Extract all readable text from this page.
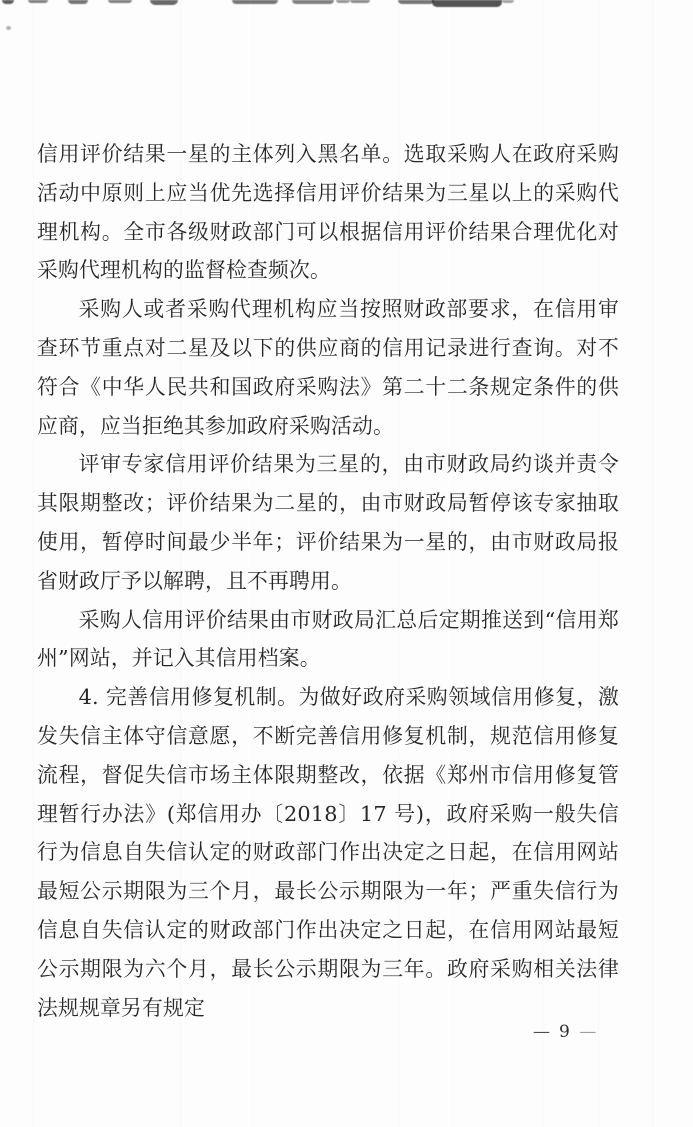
信用评价结果一星的主体列入黑名单。选取采购人在政府采购活动中原则上应当优先选择信用评价结果为三星以上的采购代理机构。全市各级财政部门可以根据信用评价结果合理优化对采购代理机构的监督检查频次。

采购人或者采购代理机构应当按照财政部要求，在信用审查环节重点对二星及以下的供应商的信用记录进行查询。对不符合《中华人民共和国政府采购法》第二十二条规定条件的供应商，应当拒绝其参加政府采购活动。

评审专家信用评价结果为三星的，由市财政局约谈并责令其限期整改；评价结果为二星的，由市财政局暂停该专家抽取使用，暂停时间最少半年；评价结果为一星的，由市财政局报省财政厅予以解聘，且不再聘用。

采购人信用评价结果由市财政局汇总后定期推送到“信用郑州”网站，并记入其信用档案。

4. 完善信用修复机制。为做好政府采购领域信用修复，激发失信主体守信意愿，不断完善信用修复机制，规范信用修复流程，督促失信市场主体限期整改，依据《郑州市信用修复管理暂行办法》(郑信用办〔2018〕17 号)，政府采购一般失信行为信息自失信认定的财政部门作出决定之日起，在信用网站最短公示期限为三个月，最长公示期限为一年；严重失信行为信息自失信认定的财政部门作出决定之日起，在信用网站最短公示期限为六个月，最长公示期限为三年。政府采购相关法律法规规章另有规定

— 9 —
